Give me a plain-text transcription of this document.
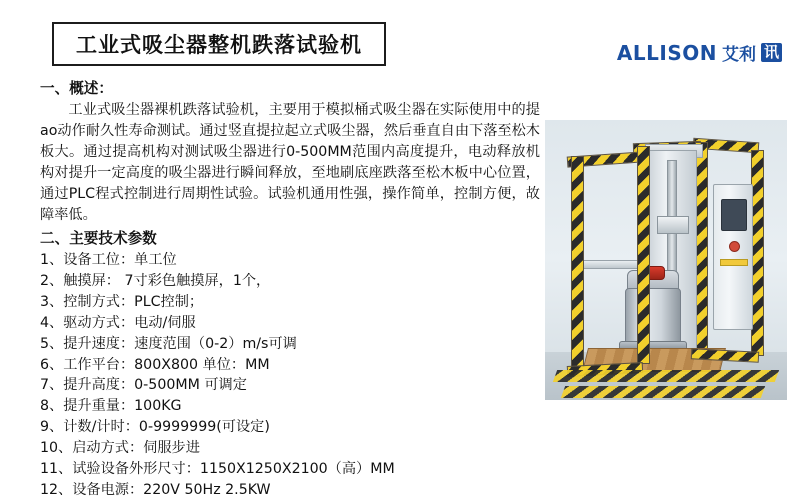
工业式吸尘器整机跌落试验机	ALLISON 艾利 讯

一、概述：

工业式吸尘器裸机跌落试验机，主要用于模拟桶式吸尘器在实际使用中的提ао动作耐久性寿命测试。通过竖直提拉起立式吸尘器，然后垂直自由下落至松木板大。通过提高机构对测试吸尘器进行0-500MM范围内高度提升，电动释放机构对提升一定高度的吸尘器进行瞬间释放，至地刷底座跌落至松木板中心位置，通过PLC程式控制进行周期性试验。试验机通用性强，操作简单，控制方便，故障率低。

二、主要技术参数

1、设备工位：单工位
2、触摸屏： 7寸彩色触摸屏，1个，
3、控制方式：PLC控制；
4、驱动方式：电动/伺服
5、提升速度：速度范围（0-2）m/s可调
6、工作平台：800X800 单位：MM
7、提升高度：0-500MM 可调定
8、提升重量：100KG
9、计数/计时：0-9999999(可设定)
10、启动方式：伺服步进
11、试验设备外形尺寸：1150X1250X2100（高）MM
12、设备电源：220V 50Hz 2.5KW
